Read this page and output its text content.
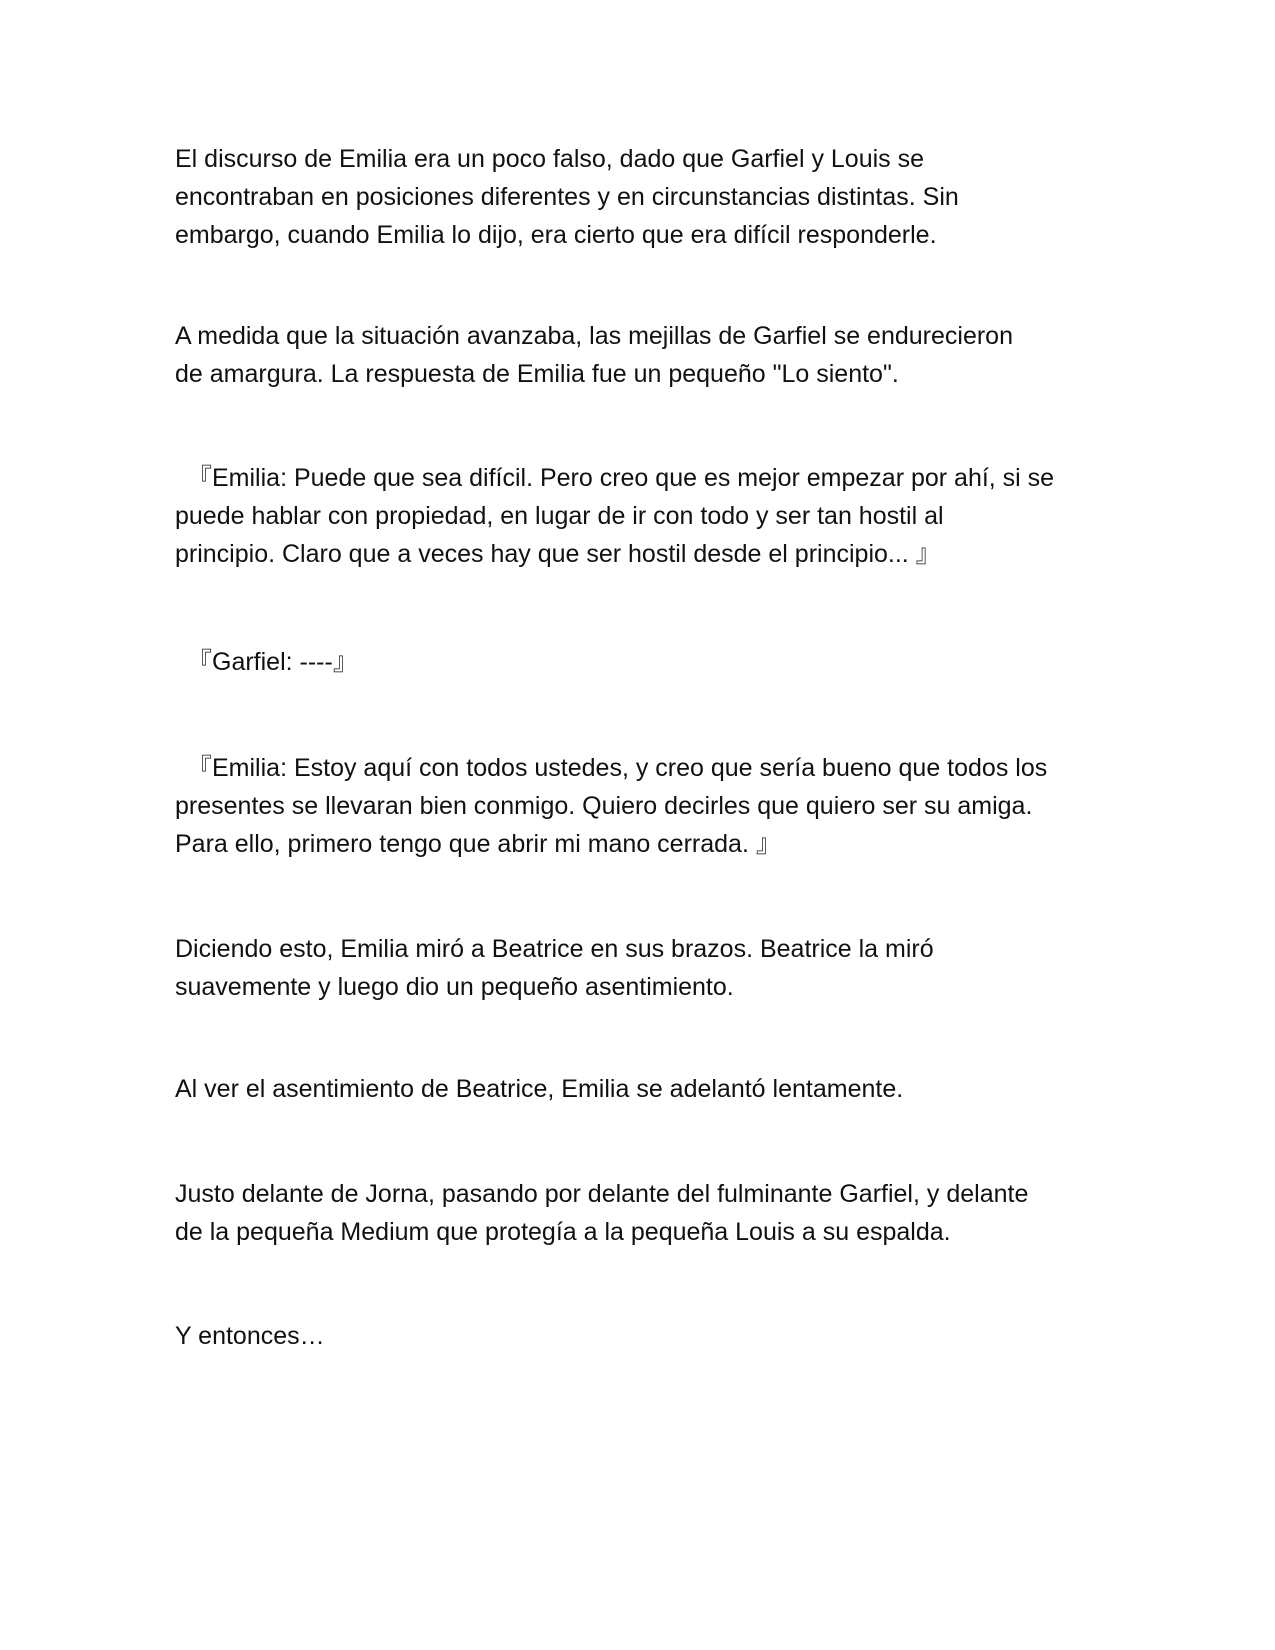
El discurso de Emilia era un poco falso, dado que Garfiel y Louis se
encontraban en posiciones diferentes y en circunstancias distintas. Sin
embargo, cuando Emilia lo dijo, era cierto que era difícil responderle.

A medida que la situación avanzaba, las mejillas de Garfiel se endurecieron
de amargura. La respuesta de Emilia fue un pequeño "Lo siento".

『Emilia: Puede que sea difícil. Pero creo que es mejor empezar por ahí, si se
puede hablar con propiedad, en lugar de ir con todo y ser tan hostil al
principio. Claro que a veces hay que ser hostil desde el principio... 』

『Garfiel: ----』

『Emilia: Estoy aquí con todos ustedes, y creo que sería bueno que todos los
presentes se llevaran bien conmigo. Quiero decirles que quiero ser su amiga.
Para ello, primero tengo que abrir mi mano cerrada. 』

Diciendo esto, Emilia miró a Beatrice en sus brazos. Beatrice la miró
suavemente y luego dio un pequeño asentimiento.

Al ver el asentimiento de Beatrice, Emilia se adelantó lentamente.

Justo delante de Jorna, pasando por delante del fulminante Garfiel, y delante
de la pequeña Medium que protegía a la pequeña Louis a su espalda.

Y entonces…
